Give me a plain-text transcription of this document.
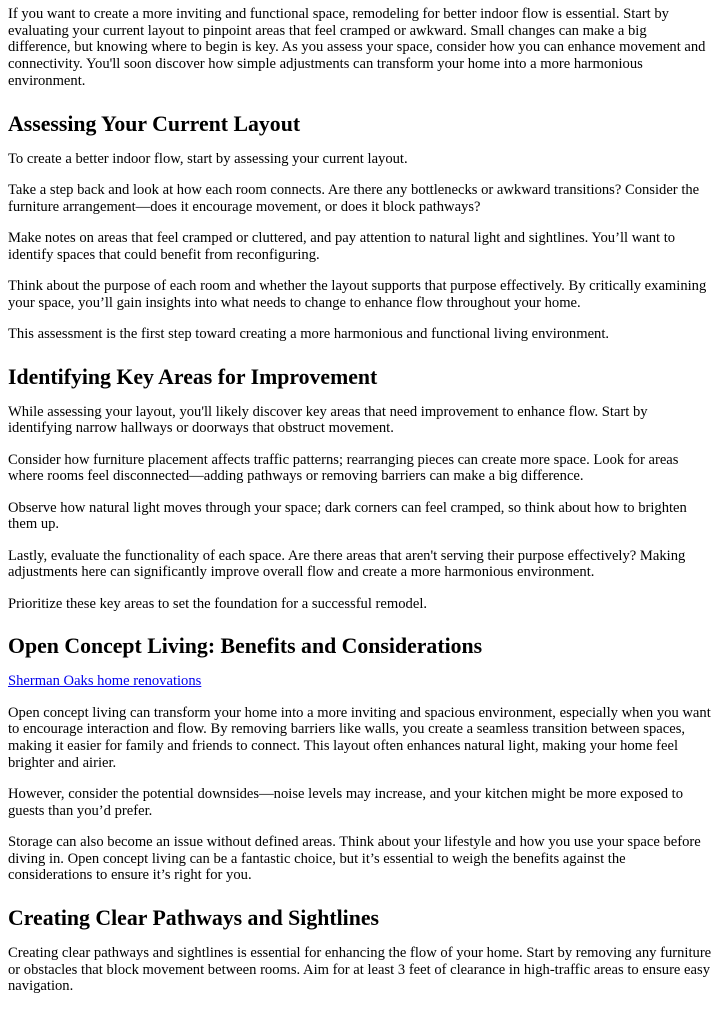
If you want to create a more inviting and functional space, remodeling for better indoor flow is essential. Start by evaluating your current layout to pinpoint areas that feel cramped or awkward. Small changes can make a big difference, but knowing where to begin is key. As you assess your space, consider how you can enhance movement and connectivity. You'll soon discover how simple adjustments can transform your home into a more harmonious environment.

Assessing Your Current Layout

To create a better indoor flow, start by assessing your current layout.

Take a step back and look at how each room connects. Are there any bottlenecks or awkward transitions? Consider the furniture arrangement—does it encourage movement, or does it block pathways?

Make notes on areas that feel cramped or cluttered, and pay attention to natural light and sightlines. You’ll want to identify spaces that could benefit from reconfiguring.

Think about the purpose of each room and whether the layout supports that purpose effectively. By critically examining your space, you’ll gain insights into what needs to change to enhance flow throughout your home.

This assessment is the first step toward creating a more harmonious and functional living environment.

Identifying Key Areas for Improvement

While assessing your layout, you'll likely discover key areas that need improvement to enhance flow. Start by identifying narrow hallways or doorways that obstruct movement.

Consider how furniture placement affects traffic patterns; rearranging pieces can create more space. Look for areas where rooms feel disconnected—adding pathways or removing barriers can make a big difference.

Observe how natural light moves through your space; dark corners can feel cramped, so think about how to brighten them up.

Lastly, evaluate the functionality of each space. Are there areas that aren't serving their purpose effectively? Making adjustments here can significantly improve overall flow and create a more harmonious environment.

Prioritize these key areas to set the foundation for a successful remodel.

Open Concept Living: Benefits and Considerations

Sherman Oaks home renovations

Open concept living can transform your home into a more inviting and spacious environment, especially when you want to encourage interaction and flow. By removing barriers like walls, you create a seamless transition between spaces, making it easier for family and friends to connect. This layout often enhances natural light, making your home feel brighter and airier.

However, consider the potential downsides—noise levels may increase, and your kitchen might be more exposed to guests than you’d prefer.

Storage can also become an issue without defined areas. Think about your lifestyle and how you use your space before diving in. Open concept living can be a fantastic choice, but it’s essential to weigh the benefits against the considerations to ensure it’s right for you.

Creating Clear Pathways and Sightlines

Creating clear pathways and sightlines is essential for enhancing the flow of your home. Start by removing any furniture or obstacles that block movement between rooms. Aim for at least 3 feet of clearance in high-traffic areas to ensure easy navigation.
